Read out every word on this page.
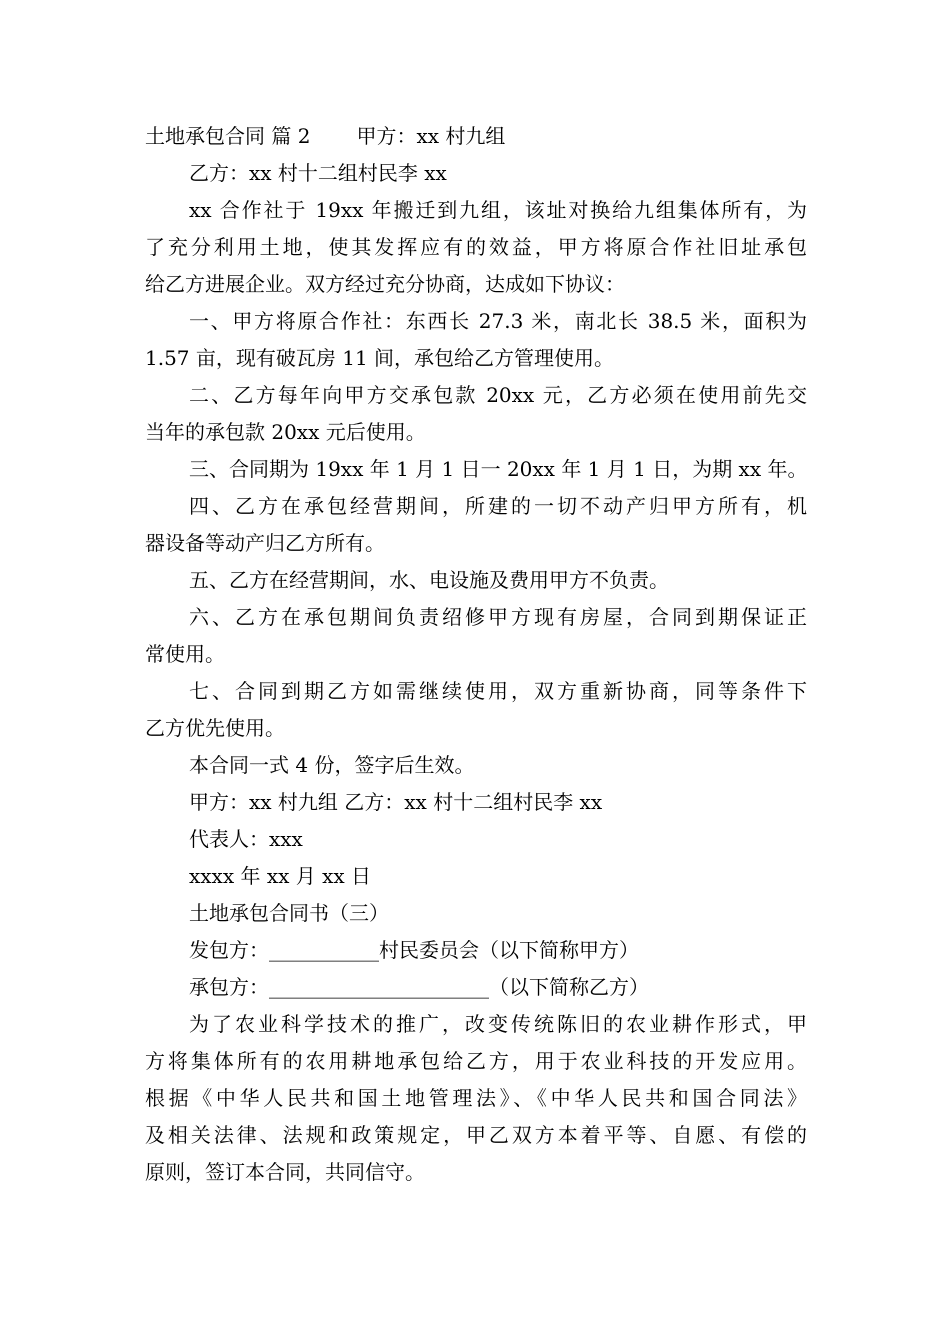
土地承包合同 篇 2 甲方：xx 村九组
乙方：xx 村十二组村民李 xx
xx 合作社于 19xx 年搬迁到九组，该址对换给九组集体所有，为
了充分利用土地，使其发挥应有的效益，甲方将原合作社旧址承包
给乙方进展企业。双方经过充分协商，达成如下协议：
一、甲方将原合作社：东西长 27.3 米，南北长 38.5 米，面积为
1.57 亩，现有破瓦房 11 间，承包给乙方管理使用。
二、乙方每年向甲方交承包款 20xx 元，乙方必须在使用前先交
当年的承包款 20xx 元后使用。
三、合同期为 19xx 年 1 月 1 日一 20xx 年 1 月 1 日，为期 xx 年。
四、乙方在承包经营期间，所建的一切不动产归甲方所有，机
器设备等动产归乙方所有。
五、乙方在经营期间，水、电设施及费用甲方不负责。
六、乙方在承包期间负责绍修甲方现有房屋，合同到期保证正
常使用。
七、合同到期乙方如需继续使用，双方重新协商，同等条件下
乙方优先使用。
本合同一式 4 份，签字后生效。
甲方：xx 村九组 乙方：xx 村十二组村民李 xx
代表人：xxx
xxxx 年 xx 月 xx 日
土地承包合同书（三）
发包方：___________村民委员会（以下简称甲方）
承包方：______________________（以下简称乙方）
为了农业科学技术的推广，改变传统陈旧的农业耕作形式，甲
方将集体所有的农用耕地承包给乙方，用于农业科技的开发应用。
根据《中华人民共和国土地管理法》、《中华人民共和国合同法》
及相关法律、法规和政策规定，甲乙双方本着平等、自愿、有偿的
原则，签订本合同，共同信守。
